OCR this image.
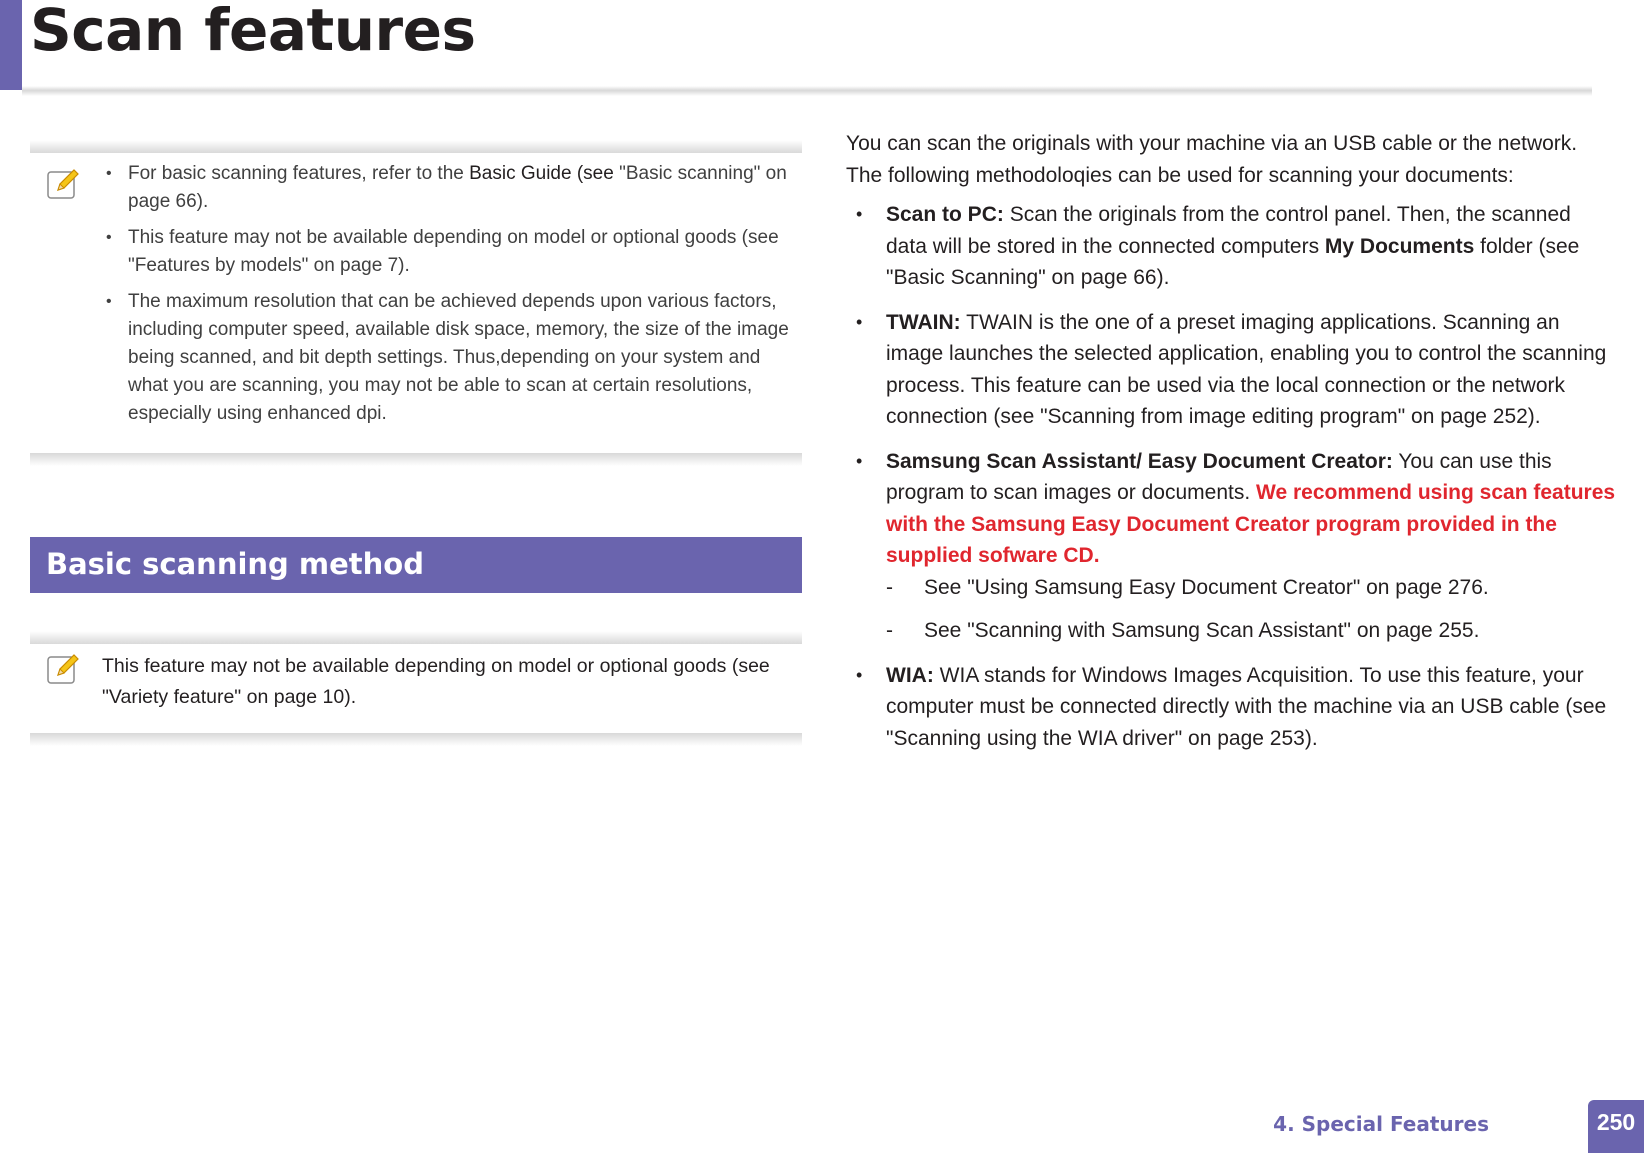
Scan features
• For basic scanning features, refer to the Basic Guide (see "Basic scanning" on page 66).
• This feature may not be available depending on model or optional goods (see "Features by models" on page 7).
• The maximum resolution that can be achieved depends upon various factors, including computer speed, available disk space, memory, the size of the image being scanned, and bit depth settings. Thus,depending on your system and what you are scanning, you may not be able to scan at certain resolutions, especially using enhanced dpi.
Basic scanning method

This feature may not be available depending on model or optional goods (see "Variety feature" on page 10).

You can scan the originals with your machine via an USB cable or the network. The following methodoloqies can be used for scanning your documents:

• Scan to PC: Scan the originals from the control panel. Then, the scanned data will be stored in the connected computers My Documents folder (see "Basic Scanning" on page 66).
• TWAIN: TWAIN is the one of a preset imaging applications. Scanning an image launches the selected application, enabling you to control the scanning process. This feature can be used via the local connection or the network connection (see "Scanning from image editing program" on page 252).
• Samsung Scan Assistant/ Easy Document Creator: You can use this program to scan images or documents. We recommend using scan features with the Samsung Easy Document Creator program provided in the supplied sofware CD.
- See "Using Samsung Easy Document Creator" on page 276.
- See "Scanning with Samsung Scan Assistant" on page 255.
• WIA: WIA stands for Windows Images Acquisition. To use this feature, your computer must be connected directly with the machine via an USB cable (see "Scanning using the WIA driver" on page 253).
4. Special Features	250
